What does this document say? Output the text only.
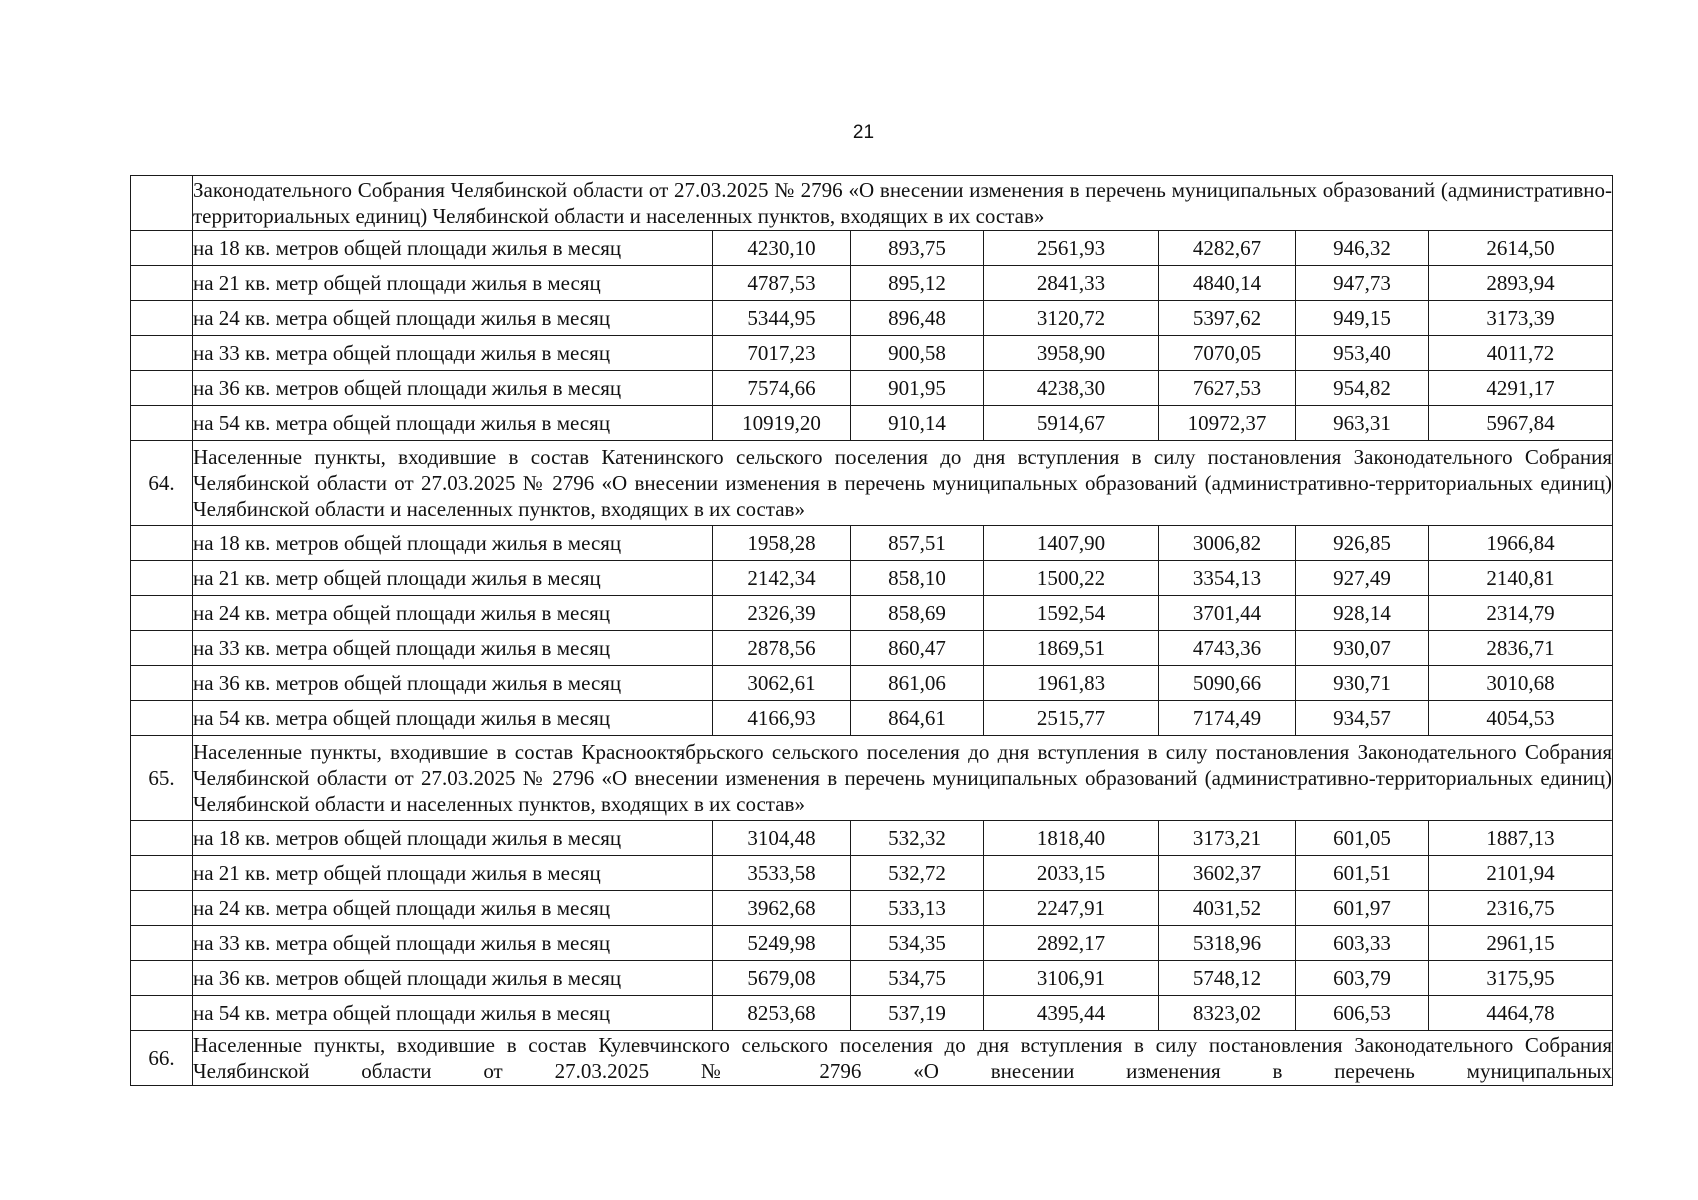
21
	Законодательного Собрания Челябинской области от 27.03.2025 № 2796 «О внесении изменения в перечень муниципальных образований (административно-территориальных единиц) Челябинской области и населенных пунктов, входящих в их состав»						
	на 18 кв. метров общей площади жилья в месяц	4230,10	893,75	2561,93	4282,67	946,32	2614,50
	на 21 кв. метр общей площади жилья в месяц	4787,53	895,12	2841,33	4840,14	947,73	2893,94
	на 24 кв. метра общей площади жилья в месяц	5344,95	896,48	3120,72	5397,62	949,15	3173,39
	на 33 кв. метра общей площади жилья в месяц	7017,23	900,58	3958,90	7070,05	953,40	4011,72
	на 36 кв. метров общей площади жилья в месяц	7574,66	901,95	4238,30	7627,53	954,82	4291,17
	на 54 кв. метра общей площади жилья в месяц	10919,20	910,14	5914,67	10972,37	963,31	5967,84
64.	Населенные пункты, входившие в состав Катенинского сельского поселения до дня вступления в силу постановления Законодательного Собрания Челябинской области от 27.03.2025 № 2796 «О внесении изменения в перечень муниципальных образований (административно-территориальных единиц) Челябинской области и населенных пунктов, входящих в их состав»						
	на 18 кв. метров общей площади жилья в месяц	1958,28	857,51	1407,90	3006,82	926,85	1966,84
	на 21 кв. метр общей площади жилья в месяц	2142,34	858,10	1500,22	3354,13	927,49	2140,81
	на 24 кв. метра общей площади жилья в месяц	2326,39	858,69	1592,54	3701,44	928,14	2314,79
	на 33 кв. метра общей площади жилья в месяц	2878,56	860,47	1869,51	4743,36	930,07	2836,71
	на 36 кв. метров общей площади жилья в месяц	3062,61	861,06	1961,83	5090,66	930,71	3010,68
	на 54 кв. метра общей площади жилья в месяц	4166,93	864,61	2515,77	7174,49	934,57	4054,53
65.	Населенные пункты, входившие в состав Краснооктябрьского сельского поселения до дня вступления в силу постановления Законодательного Собрания Челябинской области от 27.03.2025 № 2796 «О внесении изменения в перечень муниципальных образований (административно-территориальных единиц) Челябинской области и населенных пунктов, входящих в их состав»						
	на 18 кв. метров общей площади жилья в месяц	3104,48	532,32	1818,40	3173,21	601,05	1887,13
	на 21 кв. метр общей площади жилья в месяц	3533,58	532,72	2033,15	3602,37	601,51	2101,94
	на 24 кв. метра общей площади жилья в месяц	3962,68	533,13	2247,91	4031,52	601,97	2316,75
	на 33 кв. метра общей площади жилья в месяц	5249,98	534,35	2892,17	5318,96	603,33	2961,15
	на 36 кв. метров общей площади жилья в месяц	5679,08	534,75	3106,91	5748,12	603,79	3175,95
	на 54 кв. метра общей площади жилья в месяц	8253,68	537,19	4395,44	8323,02	606,53	4464,78
66.	Населенные пункты, входившие в состав Кулевчинского сельского поселения до дня вступления в силу постановления Законодательного Собрания Челябинской области от 27.03.2025 № 2796 «О внесении изменения в перечень муниципальных						
